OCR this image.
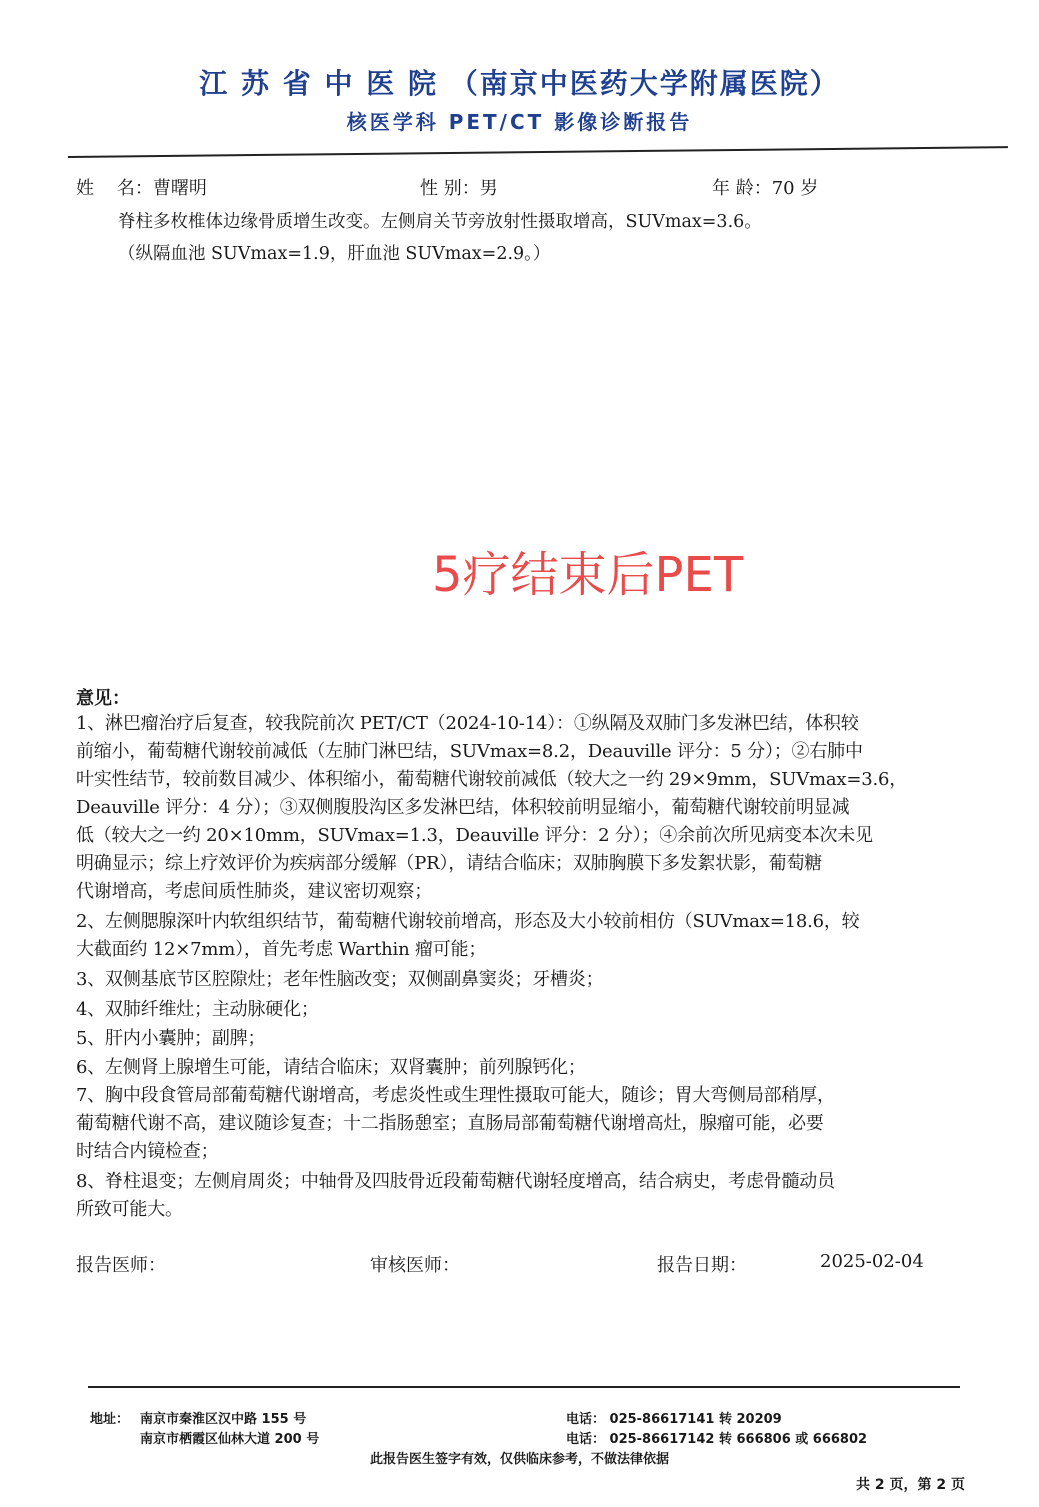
江 苏 省 中 医 院 （南京中医药大学附属医院）
核医学科 PET/CT 影像诊断报告
姓    名：曹曙明	性 别：男	年 龄：70 岁
脊柱多枚椎体边缘骨质增生改变。左侧肩关节旁放射性摄取增高，SUVmax=3.6。
（纵隔血池 SUVmax=1.9，肝血池 SUVmax=2.9。）
5疗结束后PET
意见：
1、淋巴瘤治疗后复查，较我院前次 PET/CT（2024-10-14）：①纵隔及双肺门多发淋巴结，体积较
前缩小，葡萄糖代谢较前减低（左肺门淋巴结，SUVmax=8.2，Deauville 评分：5 分）；②右肺中
叶实性结节，较前数目减少、体积缩小，葡萄糖代谢较前减低（较大之一约 29×9mm，SUVmax=3.6，
Deauville 评分：4 分）；③双侧腹股沟区多发淋巴结，体积较前明显缩小，葡萄糖代谢较前明显减
低（较大之一约 20×10mm，SUVmax=1.3，Deauville 评分：2 分）；④余前次所见病变本次未见
明确显示；综上疗效评价为疾病部分缓解（PR），请结合临床；双肺胸膜下多发絮状影，葡萄糖
代谢增高，考虑间质性肺炎，建议密切观察；
2、左侧腮腺深叶内软组织结节，葡萄糖代谢较前增高，形态及大小较前相仿（SUVmax=18.6，较
大截面约 12×7mm），首先考虑 Warthin 瘤可能；
3、双侧基底节区腔隙灶；老年性脑改变；双侧副鼻窦炎；牙槽炎；
4、双肺纤维灶；主动脉硬化；
5、肝内小囊肿；副脾；
6、左侧肾上腺增生可能，请结合临床；双肾囊肿；前列腺钙化；
7、胸中段食管局部葡萄糖代谢增高，考虑炎性或生理性摄取可能大，随诊；胃大弯侧局部稍厚，
葡萄糖代谢不高，建议随诊复查；十二指肠憩室；直肠局部葡萄糖代谢增高灶，腺瘤可能，必要
时结合内镜检查；
8、脊柱退变；左侧肩周炎；中轴骨及四肢骨近段葡萄糖代谢轻度增高，结合病史，考虑骨髓动员
所致可能大。
报告医师：	审核医师：	报告日期：	2025-02-04
地址： 南京市秦淮区汉中路 155 号
南京市栖霞区仙林大道 200 号
电话： 025-86617141 转 20209
电话： 025-86617142 转 666806 或 666802
此报告医生签字有效，仅供临床参考，不做法律依据
共 2 页，第 2 页
